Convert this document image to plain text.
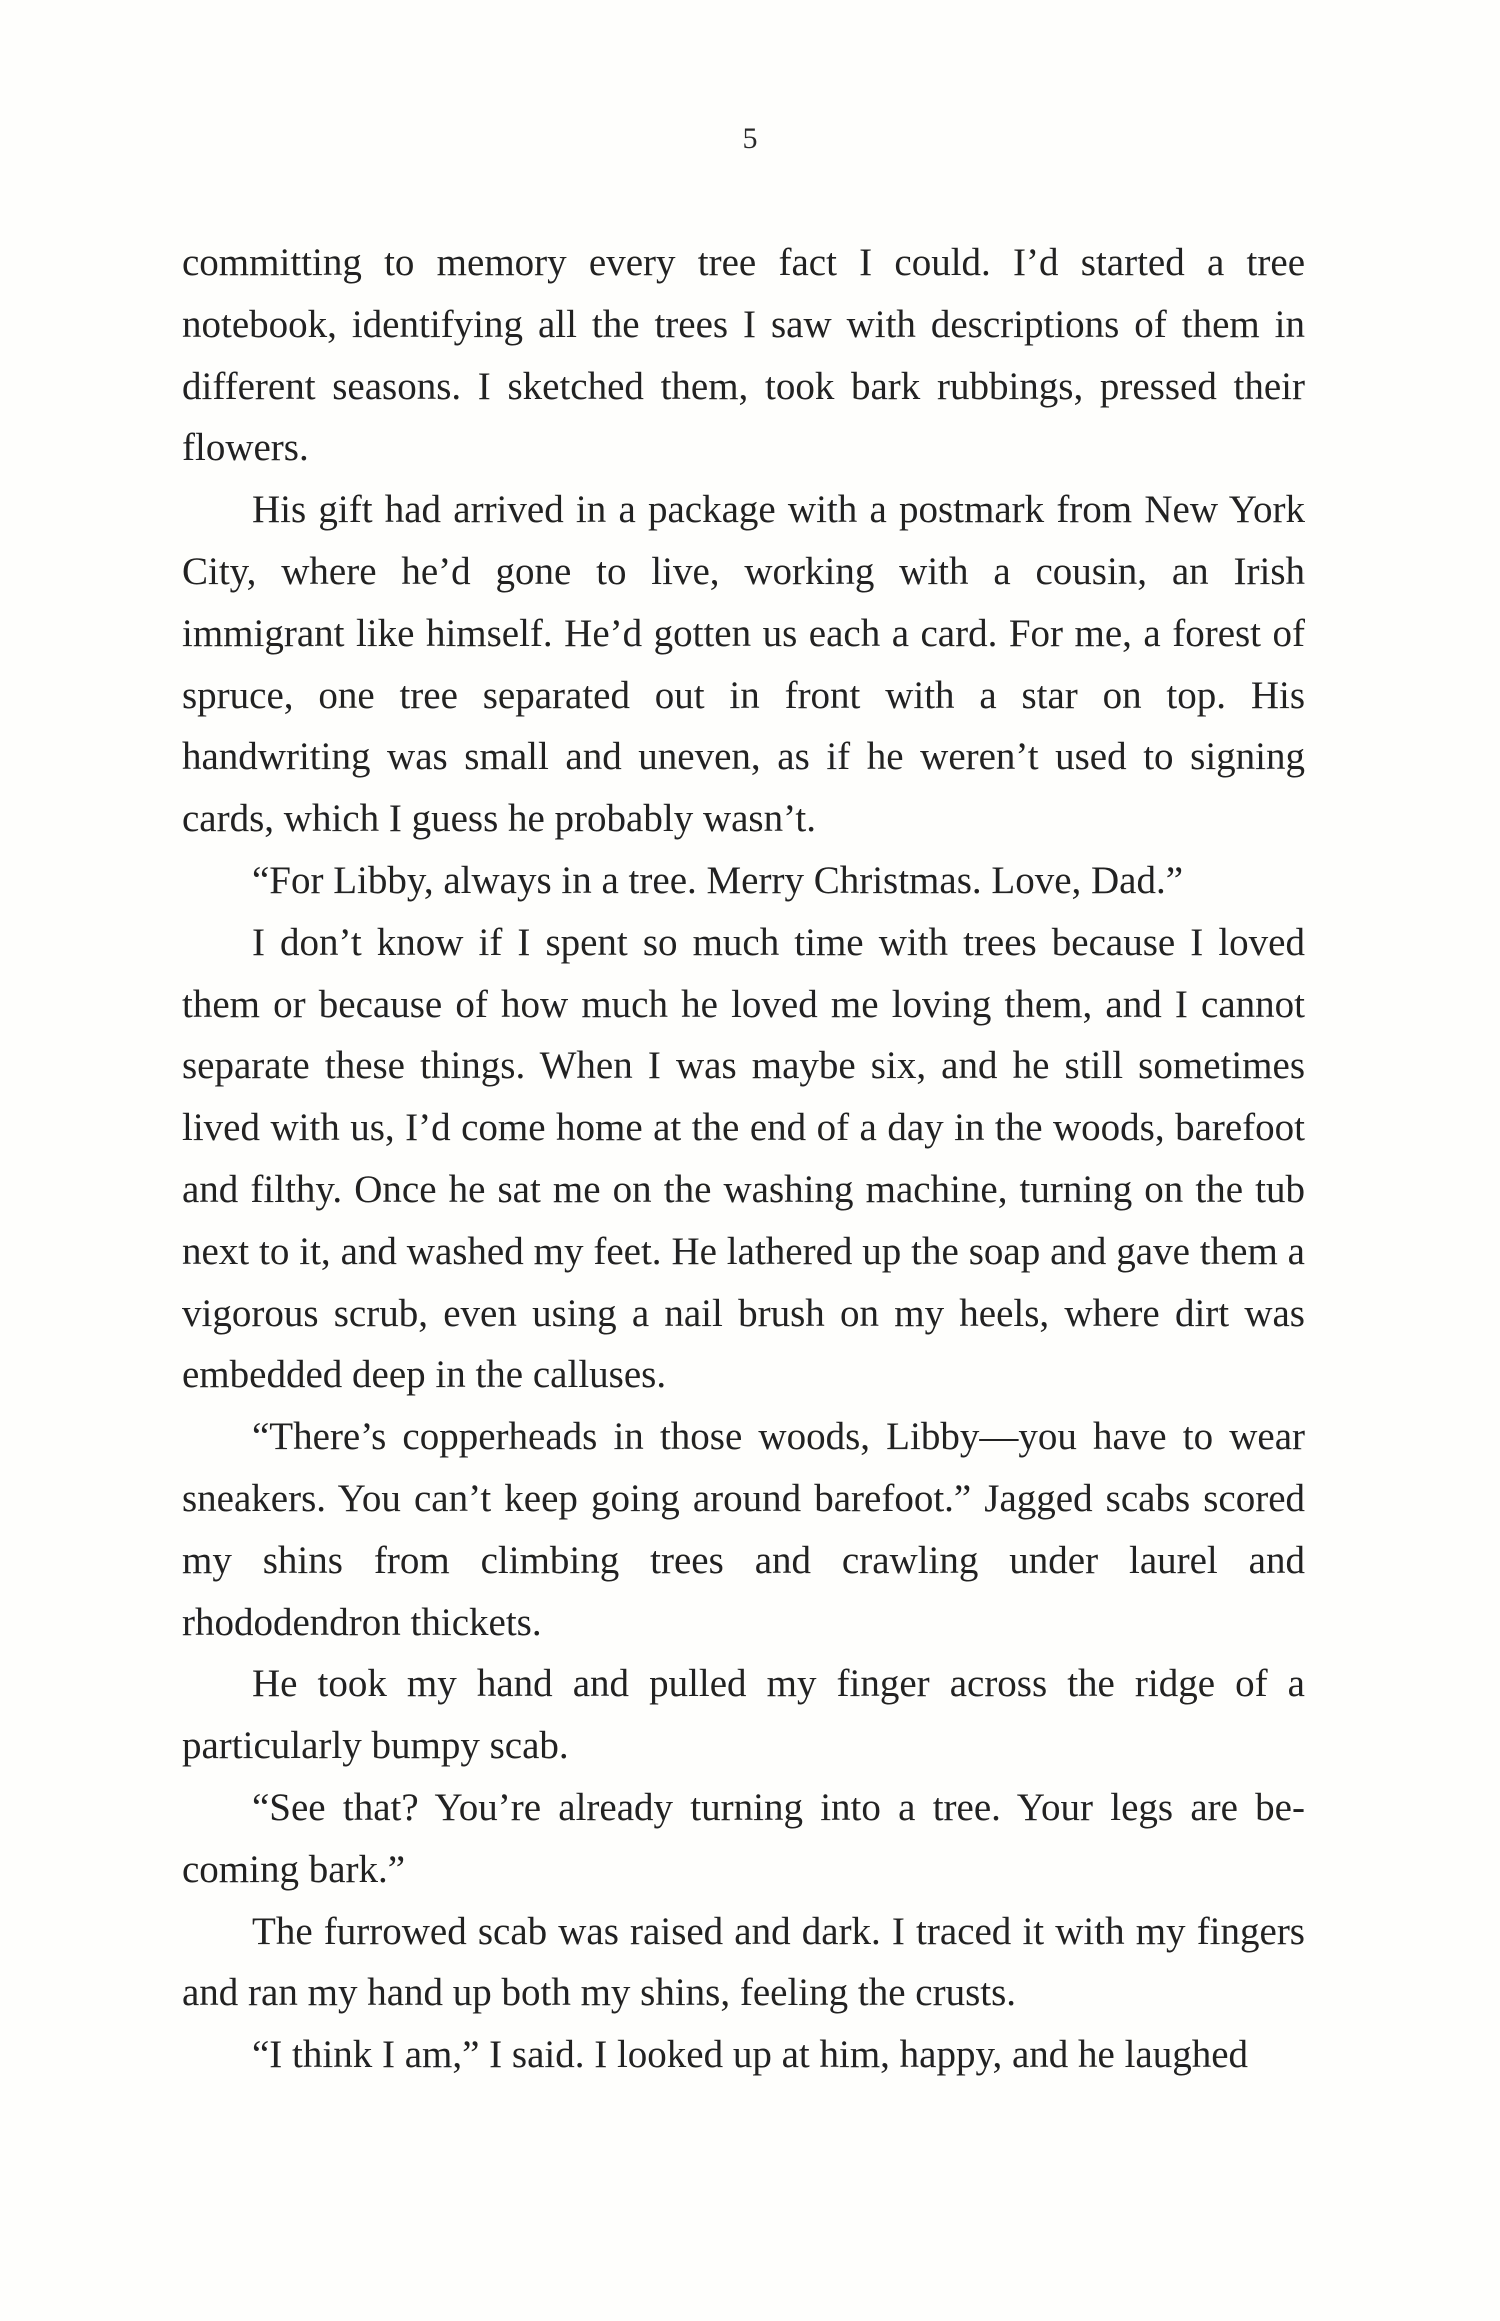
5

committing to memory every tree fact I could. I’d started a tree notebook, identifying all the trees I saw with descriptions of them in different seasons. I sketched them, took bark rubbings, pressed their flowers.

His gift had arrived in a package with a postmark from New York City, where he’d gone to live, working with a cousin, an Irish immigrant like himself. He’d gotten us each a card. For me, a forest of spruce, one tree separated out in front with a star on top. His handwriting was small and uneven, as if he weren’t used to signing cards, which I guess he probably wasn’t.

“For Libby, always in a tree. Merry Christmas. Love, Dad.”

I don’t know if I spent so much time with trees because I loved them or because of how much he loved me loving them, and I cannot separate these things. When I was maybe six, and he still sometimes lived with us, I’d come home at the end of a day in the woods, barefoot and filthy. Once he sat me on the washing machine, turning on the tub next to it, and washed my feet. He lathered up the soap and gave them a vigorous scrub, even using a nail brush on my heels, where dirt was embedded deep in the calluses.

“There’s copperheads in those woods, Libby—you have to wear sneakers. You can’t keep going around barefoot.” Jagged scabs scored my shins from climbing trees and crawling under laurel and rhododendron thickets.

He took my hand and pulled my finger across the ridge of a particularly bumpy scab.

“See that? You’re already turning into a tree. Your legs are becoming bark.”

The furrowed scab was raised and dark. I traced it with my fingers and ran my hand up both my shins, feeling the crusts.

“I think I am,” I said. I looked up at him, happy, and he laughed
